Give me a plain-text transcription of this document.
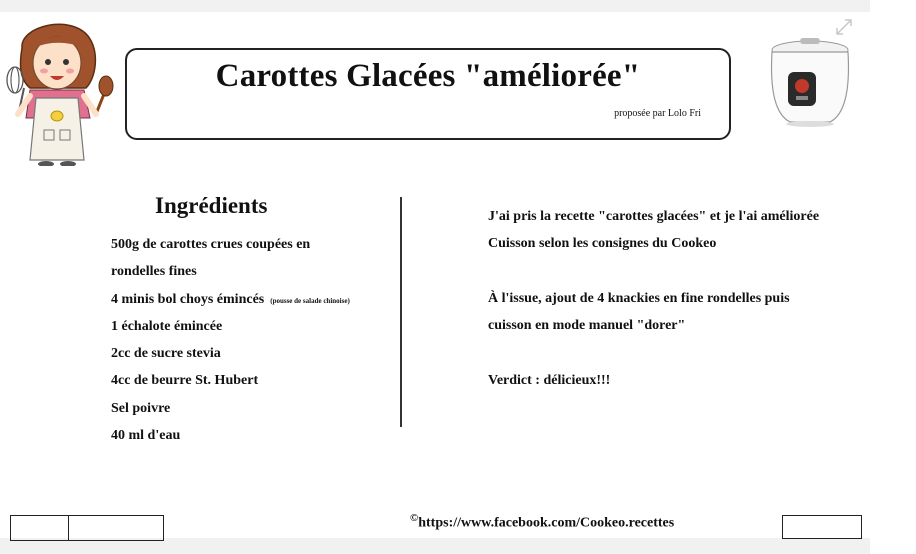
Carottes Glacées "améliorée"
proposée par Lolo Fri
Ingrédients
500g de carottes crues coupées en
rondelles fines
4 minis bol choys émincés (pousse de salade chinoise)
1 échalote émincée
2cc de sucre stevia
4cc de beurre St. Hubert
Sel poivre
40 ml d'eau
J'ai pris la recette "carottes glacées" et je l'ai améliorée
Cuisson selon les consignes du Cookeo
À l'issue, ajout de 4 knackies en fine rondelles puis
cuisson en mode manuel "dorer"
Verdict : délicieux!!!
©https://www.facebook.com/Cookeo.recettes
